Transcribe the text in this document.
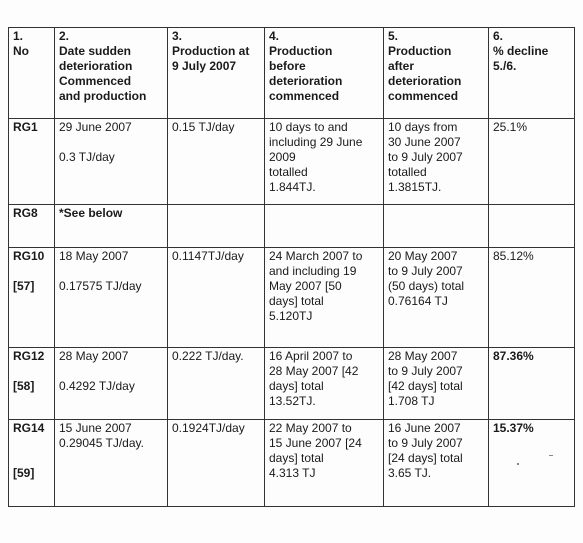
1.
No	2.
Date sudden
deterioration
Commenced
and production	3.
Production at
9 July 2007	4.
Production
before
deterioration
commenced	5.
Production
after
deterioration
commenced	6.
% decline
5./6.

RG1	29 June 2007
0.3 TJ/day	0.15 TJ/day	10 days to and
including 29 June
2009
totalled
1.844TJ.	10 days from
30 June 2007
to 9 July 2007
totalled
1.3815TJ.	25.1%

RG8	*See below				

RG10
[57]	18 May 2007
0.17575 TJ/day	0.1147TJ/day	24 March 2007 to
and including 19
May 2007 [50
days] total
5.120TJ	20 May 2007
to 9 July 2007
(50 days) total
0.76164 TJ	85.12%

RG12
[58]	28 May 2007
0.4292 TJ/day	0.222 TJ/day.	16 April 2007 to
28 May 2007 [42
days] total
13.52TJ.	28 May 2007
to 9 July 2007
[42 days] total
1.708 TJ	87.36%

RG14
[59]	15 June 2007
0.29045 TJ/day.	0.1924TJ/day	22 May 2007 to
15 June 2007 [24
days] total
4.313 TJ	16 June 2007
to 9 July 2007
[24 days] total
3.65 TJ.	15.37%
